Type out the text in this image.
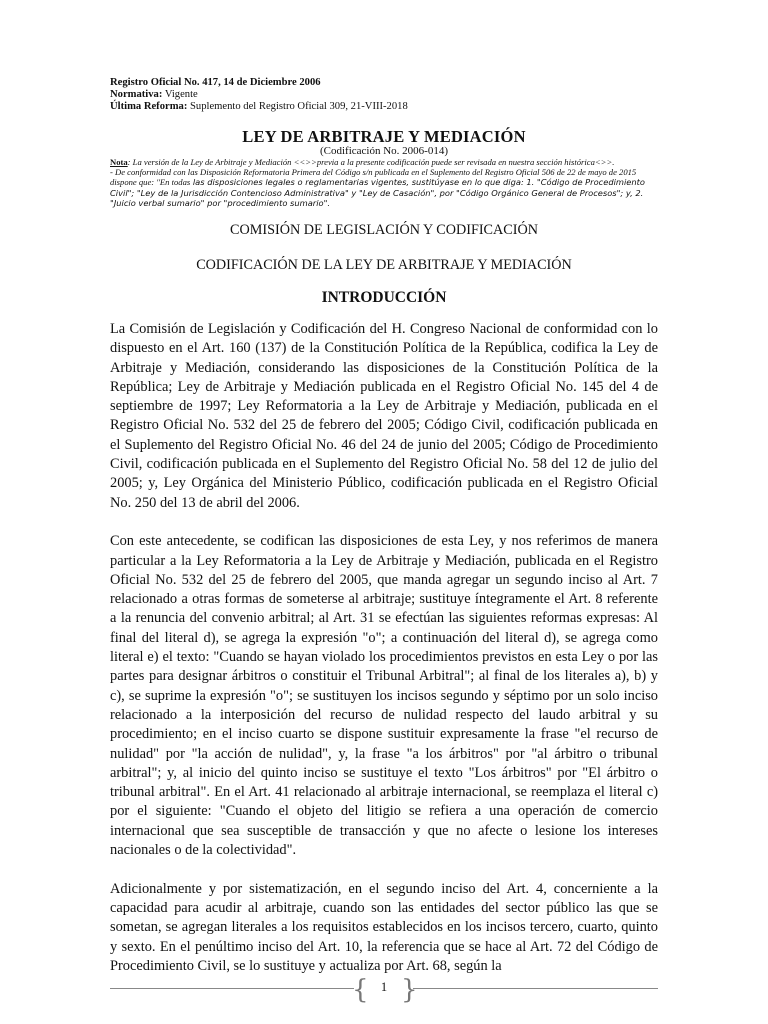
Registro Oficial No. 417, 14 de Diciembre 2006
Normativa: Vigente
Última Reforma: Suplemento del Registro Oficial 309, 21-VIII-2018
LEY DE ARBITRAJE Y MEDIACIÓN
(Codificación No. 2006-014)
Nota: La versión de la Ley de Arbitraje y Mediación <<>>previa a la presente codificación puede ser revisada en nuestra sección histórica<>>.
- De conformidad con las Disposición Reformatoria Primera del Código s/n publicada en el Suplemento del Registro Oficial 506 de 22 de mayo de 2015 dispone que: "En todas las disposiciones legales o reglamentarias vigentes, sustitúyase en lo que diga: 1. "Código de Procedimiento Civil"; "Ley de la Jurisdicción Contencioso Administrativa" y "Ley de Casación", por "Código Orgánico General de Procesos"; y, 2. "Juicio verbal sumario" por "procedimiento sumario".
COMISIÓN DE LEGISLACIÓN Y CODIFICACIÓN
CODIFICACIÓN DE LA LEY DE ARBITRAJE Y MEDIACIÓN
INTRODUCCIÓN

La Comisión de Legislación y Codificación del H. Congreso Nacional de conformidad con lo dispuesto en el Art. 160 (137) de la Constitución Política de la República, codifica la Ley de Arbitraje y Mediación, considerando las disposiciones de la Constitución Política de la República; Ley de Arbitraje y Mediación publicada en el Registro Oficial No. 145 del 4 de septiembre de 1997; Ley Reformatoria a la Ley de Arbitraje y Mediación, publicada en el Registro Oficial No. 532 del 25 de febrero del 2005; Código Civil, codificación publicada en el Suplemento del Registro Oficial No. 46 del 24 de junio del 2005; Código de Procedimiento Civil, codificación publicada en el Suplemento del Registro Oficial No. 58 del 12 de julio del 2005; y, Ley Orgánica del Ministerio Público, codificación publicada en el Registro Oficial No. 250 del 13 de abril del 2006.

Con este antecedente, se codifican las disposiciones de esta Ley, y nos referimos de manera particular a la Ley Reformatoria a la Ley de Arbitraje y Mediación, publicada en el Registro Oficial No. 532 del 25 de febrero del 2005, que manda agregar un segundo inciso al Art. 7 relacionado a otras formas de someterse al arbitraje; sustituye íntegramente el Art. 8 referente a la renuncia del convenio arbitral; al Art. 31 se efectúan las siguientes reformas expresas: Al final del literal d), se agrega la expresión "o"; a continuación del literal d), se agrega como literal e) el texto: "Cuando se hayan violado los procedimientos previstos en esta Ley o por las partes para designar árbitros o constituir el Tribunal Arbitral"; al final de los literales a), b) y c), se suprime la expresión "o"; se sustituyen los incisos segundo y séptimo por un solo inciso relacionado a la interposición del recurso de nulidad respecto del laudo arbitral y su procedimiento; en el inciso cuarto se dispone sustituir expresamente la frase "el recurso de nulidad" por "la acción de nulidad", y, la frase "a los árbitros" por "al árbitro o tribunal arbitral"; y, al inicio del quinto inciso se sustituye el texto "Los árbitros" por "El árbitro o tribunal arbitral". En el Art. 41 relacionado al arbitraje internacional, se reemplaza el literal c) por el siguiente: "Cuando el objeto del litigio se refiera a una operación de comercio internacional que sea susceptible de transacción y que no afecte o lesione los intereses nacionales o de la colectividad".

Adicionalmente y por sistematización, en el segundo inciso del Art. 4, concerniente a la capacidad para acudir al arbitraje, cuando son las entidades del sector público las que se sometan, se agregan literales a los requisitos establecidos en los incisos tercero, cuarto, quinto y sexto. En el penúltimo inciso del Art. 10, la referencia que se hace al Art. 72 del Código de Procedimiento Civil, se lo sustituye y actualiza por Art. 68, según la

{ }
1
